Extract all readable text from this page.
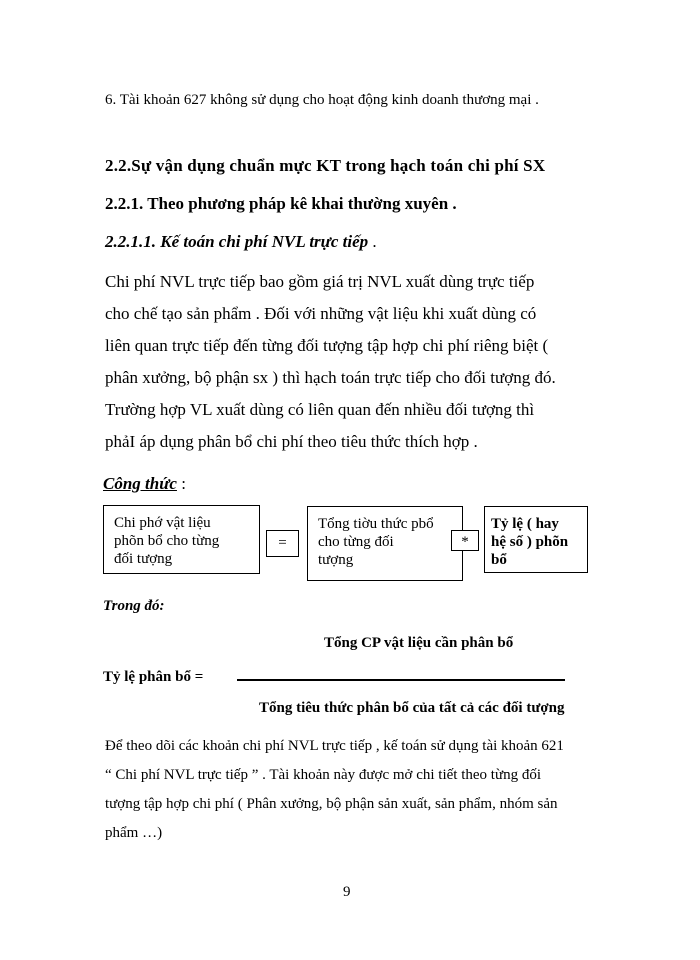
6. Tài khoản 627 không sử dụng cho hoạt động kinh doanh thương mại .
2.2.Sự vận dụng chuẩn mực KT trong hạch toán chi phí SX
2.2.1. Theo phương pháp kê khai thường xuyên .
2.2.1.1. Kế toán chi phí NVL trực tiếp .
Chi phí NVL trực tiếp bao gồm giá trị NVL xuất dùng trực tiếp
cho chế tạo sản phẩm . Đối với những vật liệu khi xuất dùng có
liên quan trực tiếp đến từng đối tượng tập hợp chi phí riêng biệt (
phân xưởng, bộ phận sx ) thì hạch toán trực tiếp cho đối tượng đó.
Trường hợp VL xuất dùng có liên quan đến nhiều đối tượng thì
phảI áp dụng phân bổ chi phí theo tiêu thức thích hợp .
Công thức :
Chi phớ vật liệu
phõn bổ cho từng
đối tượng
=
Tổng tiờu thức pbổ
cho từng đối
tượng
*
Tỷ lệ ( hay
hệ số ) phõn
bổ
Trong đó:
Tổng CP vật liệu cần phân bổ
Tỷ lệ phân bổ =
Tổng tiêu thức phân bổ của tất cả các đối tượng
Để theo dõi các khoản chi phí NVL trực tiếp , kế toán sử dụng tài khoản 621
“ Chi phí NVL trực tiếp ” . Tài khoản này được mở chi tiết theo từng đối
tượng tập hợp chi phí ( Phân xưởng, bộ phận sản xuất, sản phẩm, nhóm sản
phẩm …)
9
